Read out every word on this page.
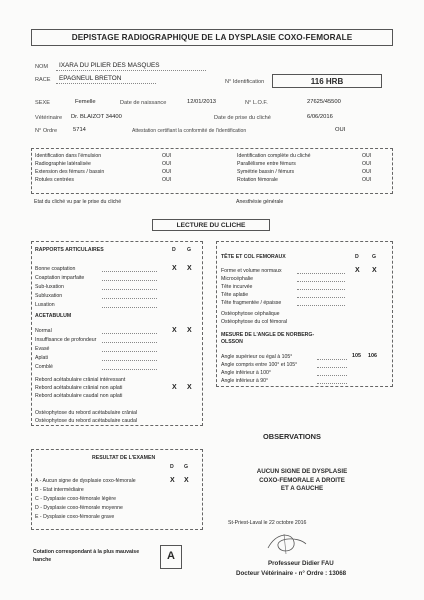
DEPISTAGE RADIOGRAPHIQUE DE LA DYSPLASIE COXO-FEMORALE
NOM IXARA DU PILIER DES MASQUES
RACE EPAGNEUL BRETON	N° Identification	116 HRB
SEXE	Femelle	Date de naissance	12/01/2013	N° L.O.F.	27625/45500
Vétérinaire Dr. BLAIZOT 34400	Date de prise du cliché	6/06/2016
N° Ordre	5714	Attestation certifiant la conformité de l'identification	OUI
Identification dans l'émulsion	OUI
Radiographie latéralisée	OUI
Extension des fémurs / bassin	OUI
Rotules centrées	OUI
Identification complète du cliché	OUI
Parallélisme entre fémurs	OUI
Symétrie bassin / fémurs	OUI
Rotation fémorale	OUI
Etat du cliché vu par le prise du cliché	Anesthésie générale
LECTURE DU CLICHE
RAPPORTS ARTICULAIRES	D G
ACETABULUM
Ostéophytose du rebord acétabulaire crânial
Ostéophytose du rebord acétabulaire caudal
Bonne coaptation	X X
Coaptation imparfaite
Sub-luxation
Subluxation
Luxation
Normal	X X
Insuffisance de profondeur
Evasé
Aplati
Comblé
Rebord acétabulaire crânial intéressant
Rebord acétabulaire crânial non aplati	X X
Rebord acétabulaire caudal non aplati
TÊTE ET COL FEMORAUX	D	G
Ostéophytose céphalique
Ostéophytose du col fémoral
MESURE DE L'ANGLE DE NORBERG-OLSSON
Forme et volume normaux	X X
Microcéphalie
Tête incurvée
Tête aplatie
Tête fragmentée / épaisse
Angle supérieur ou égal à 105°	105 106
Angle compris entre 100° et 105°
Angle inférieur à 100°
Angle inférieur à 90°
OBSERVATIONS
AUCUN SIGNE DE DYSPLASIE
COXO-FEMORALE A DROITE
ET A GAUCHE
St-Priest-Laval le 22 octobre 2016
Professeur Didier FAU
Docteur Vétérinaire - n° Ordre : 13068
RESULTAT DE L'EXAMEN
D G
A - Aucun signe de dysplasie coxo-fémorale	X X
B - Etat intermédiaire
C - Dysplasie coxo-fémorale légère
D - Dysplasie coxo-fémorale moyenne
E - Dysplasie coxo-fémorale grave
Cotation correspondant à la plus mauvaise hanche	A
